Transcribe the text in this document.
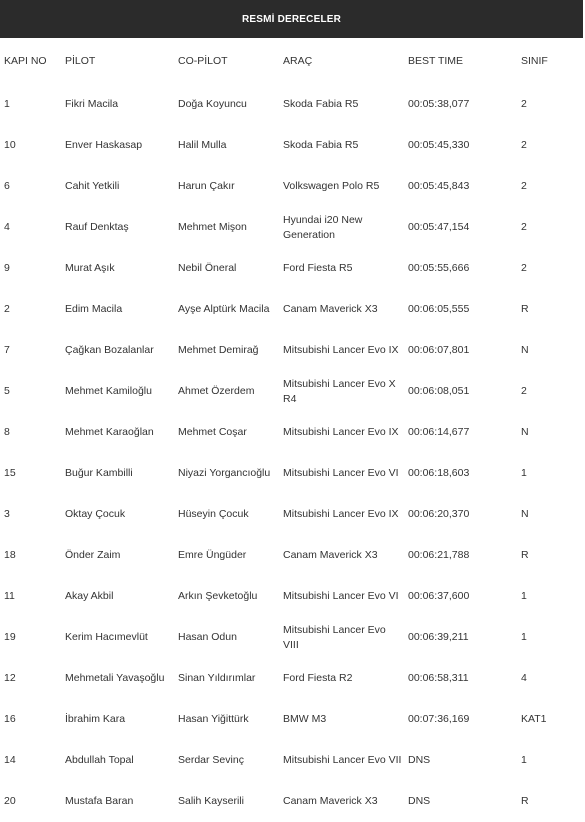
RESMİ DERECELER
KAPI NO	PİLOT	CO-PİLOT	ARAÇ	BEST TIME	SINIF
1	Fikri Macila	Doğa Koyuncu	Skoda Fabia R5	00:05:38,077	2
10	Enver Haskasap	Halil Mulla	Skoda Fabia R5	00:05:45,330	2
6	Cahit Yetkili	Harun Çakır	Volkswagen Polo R5	00:05:45,843	2
4	Rauf Denktaş	Mehmet Mişon	Hyundai i20 New Generation	00:05:47,154	2
9	Murat Aşık	Nebil Öneral	Ford Fiesta R5	00:05:55,666	2
2	Edim Macila	Ayşe Alptürk Macila	Canam Maverick X3	00:06:05,555	R
7	Çağkan Bozalanlar	Mehmet Demirağ	Mitsubishi Lancer Evo IX	00:06:07,801	N
5	Mehmet Kamiloğlu	Ahmet Özerdem	Mitsubishi Lancer Evo X R4	00:06:08,051	2
8	Mehmet Karaoğlan	Mehmet Coşar	Mitsubishi Lancer Evo IX	00:06:14,677	N
15	Buğur Kambilli	Niyazi Yorgancıoğlu	Mitsubishi Lancer Evo VI	00:06:18,603	1
3	Oktay Çocuk	Hüseyin Çocuk	Mitsubishi Lancer Evo IX	00:06:20,370	N
18	Önder Zaim	Emre Üngüder	Canam Maverick X3	00:06:21,788	R
11	Akay Akbil	Arkın Şevketoğlu	Mitsubishi Lancer Evo VI	00:06:37,600	1
19	Kerim Hacımevlüt	Hasan Odun	Mitsubishi Lancer Evo VIII	00:06:39,211	1
12	Mehmetali Yavaşoğlu	Sinan Yıldırımlar	Ford Fiesta R2	00:06:58,311	4
16	İbrahim Kara	Hasan Yiğittürk	BMW M3	00:07:36,169	KAT1
14	Abdullah Topal	Serdar Sevinç	Mitsubishi Lancer Evo VII	DNS	1
20	Mustafa Baran	Salih Kayserili	Canam Maverick X3	DNS	R
